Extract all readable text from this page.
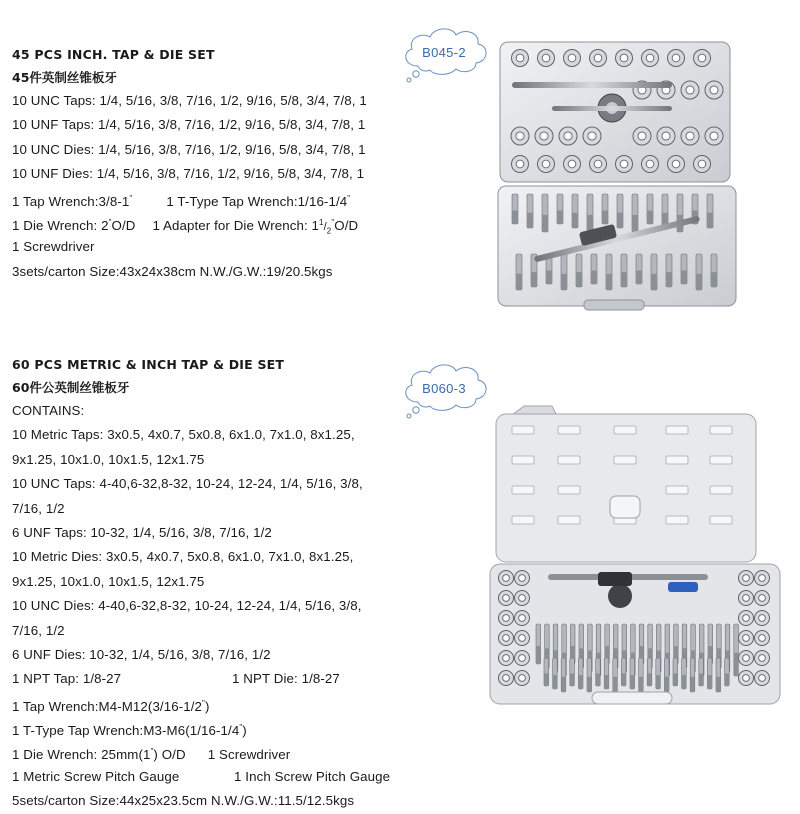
45 PCS INCH. TAP & DIE SET
45件英制丝锥板牙
10 UNC Taps: 1/4, 5/16, 3/8, 7/16, 1/2, 9/16, 5/8, 3/4, 7/8, 1
10 UNF Taps: 1/4, 5/16, 3/8, 7/16, 1/2, 9/16, 5/8, 3/4, 7/8, 1
10 UNC Dies: 1/4, 5/16, 3/8, 7/16, 1/2, 9/16, 5/8, 3/4, 7/8, 1
10 UNF Dies: 1/4, 5/16, 3/8, 7/16, 1/2, 9/16, 5/8, 3/4, 7/8, 1
1 Tap Wrench:3/8-1"	1 T-Type Tap Wrench:1/16-1/4"
1 Die Wrench: 2"O/D 1 Adapter for Die Wrench: $1^1/_2^"O/D$
1 Screwdriver
3sets/carton Size:43x24x38cm N.W./G.W.:19/20.5kgs
60 PCS METRIC & INCH TAP & DIE SET
60件公英制丝锥板牙
CONTAINS:
10 Metric Taps: 3x0.5, 4x0.7, 5x0.8, 6x1.0, 7x1.0, 8x1.25,
9x1.25, 10x1.0, 10x1.5, 12x1.75
10 UNC Taps: 4-40,6-32,8-32, 10-24, 12-24, 1/4, 5/16, 3/8,
7/16, 1/2
6 UNF Taps: 10-32, 1/4, 5/16, 3/8, 7/16, 1/2
10 Metric Dies: 3x0.5, 4x0.7, 5x0.8, 6x1.0, 7x1.0, 8x1.25,
9x1.25, 10x1.0, 10x1.5, 12x1.75
10 UNC Dies: 4-40,6-32,8-32, 10-24, 12-24, 1/4, 5/16, 3/8,
7/16, 1/2
6 UNF Dies: 10-32, 1/4, 5/16, 3/8, 7/16, 1/2
1 NPT Tap: 1/8-27	1 NPT Die: 1/8-27
1 Tap Wrench:M4-M12(3/16-1/2")
1 T-Type Tap Wrench:M3-M6(1/16-1/4")
1 Die Wrench: 25mm(1") O/D 1 Screwdriver
1 Metric Screw Pitch Gauge	1 Inch Screw Pitch Gauge
5sets/carton Size:44x25x23.5cm N.W./G.W.:11.5/12.5kgs
B045-2
B060-3
